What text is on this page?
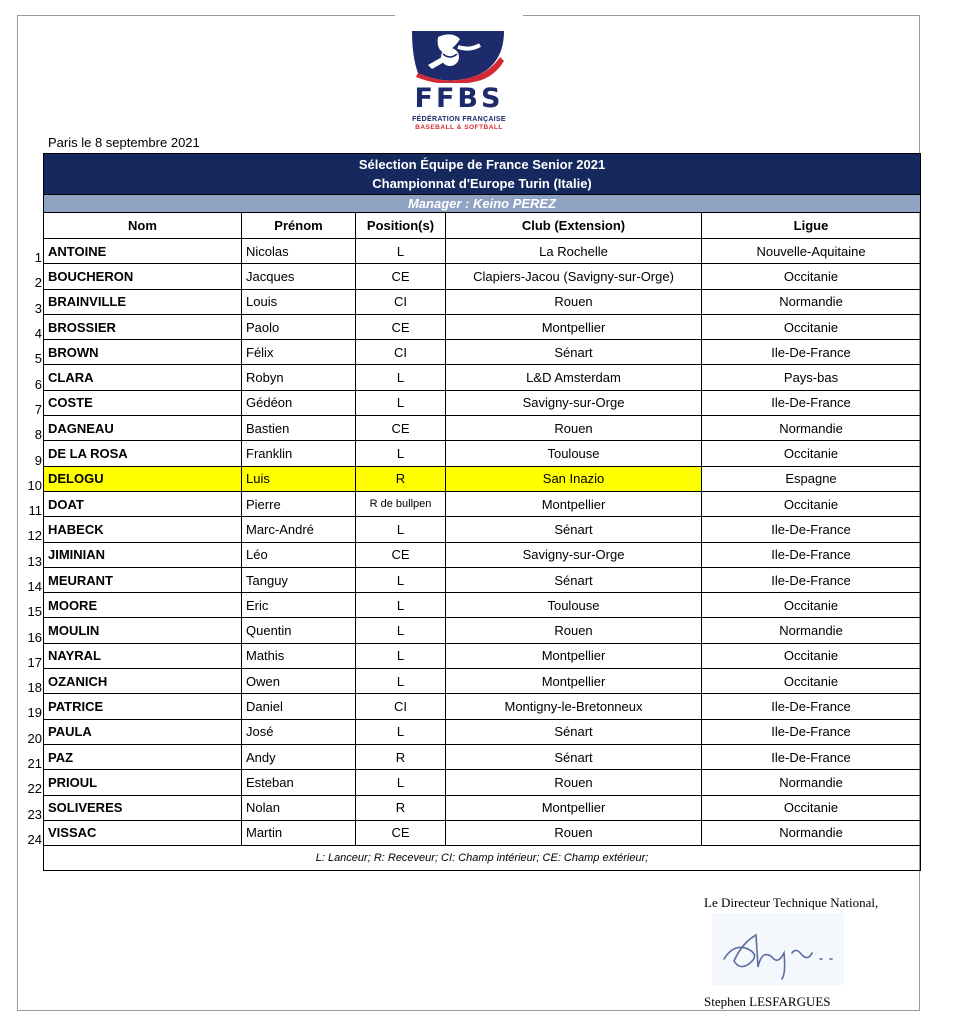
FFBS
FÉDÉRATION FRANÇAISE
BASEBALL & SOFTBALL
Paris le 8 septembre 2021
1
2
3
4
5
6
7
8
9
10
11
12
13
14
15
16
17
18
19
20
21
22
23
24
Sélection Équipe de France Senior 2021
Championnat d'Europe Turin (Italie)				

Manager : Keino PEREZ				
Nom	Prénom	Position(s)	Club (Extension)	Ligue
ANTOINE	Nicolas	L	La Rochelle	Nouvelle-Aquitaine
BOUCHERON	Jacques	CE	Clapiers-Jacou (Savigny-sur-Orge)	Occitanie
BRAINVILLE	Louis	CI	Rouen	Normandie
BROSSIER	Paolo	CE	Montpellier	Occitanie
BROWN	Félix	CI	Sénart	Ile-De-France
CLARA	Robyn	L	L&D Amsterdam	Pays-bas
COSTE	Gédéon	L	Savigny-sur-Orge	Ile-De-France
DAGNEAU	Bastien	CE	Rouen	Normandie
DE LA ROSA	Franklin	L	Toulouse	Occitanie
DELOGU	Luis	R	San Inazio	Espagne
DOAT	Pierre	R de bullpen	Montpellier	Occitanie
HABECK	Marc-André	L	Sénart	Ile-De-France
JIMINIAN	Léo	CE	Savigny-sur-Orge	Ile-De-France
MEURANT	Tanguy	L	Sénart	Ile-De-France
MOORE	Eric	L	Toulouse	Occitanie
MOULIN	Quentin	L	Rouen	Normandie
NAYRAL	Mathis	L	Montpellier	Occitanie
OZANICH	Owen	L	Montpellier	Occitanie
PATRICE	Daniel	CI	Montigny-le-Bretonneux	Ile-De-France
PAULA	José	L	Sénart	Ile-De-France
PAZ	Andy	R	Sénart	Ile-De-France
PRIOUL	Esteban	L	Rouen	Normandie
SOLIVERES	Nolan	R	Montpellier	Occitanie
VISSAC	Martin	CE	Rouen	Normandie
L: Lanceur; R: Receveur; CI: Champ intérieur; CE: Champ extérieur;				
Le Directeur Technique National,
Stephen LESFARGUES
